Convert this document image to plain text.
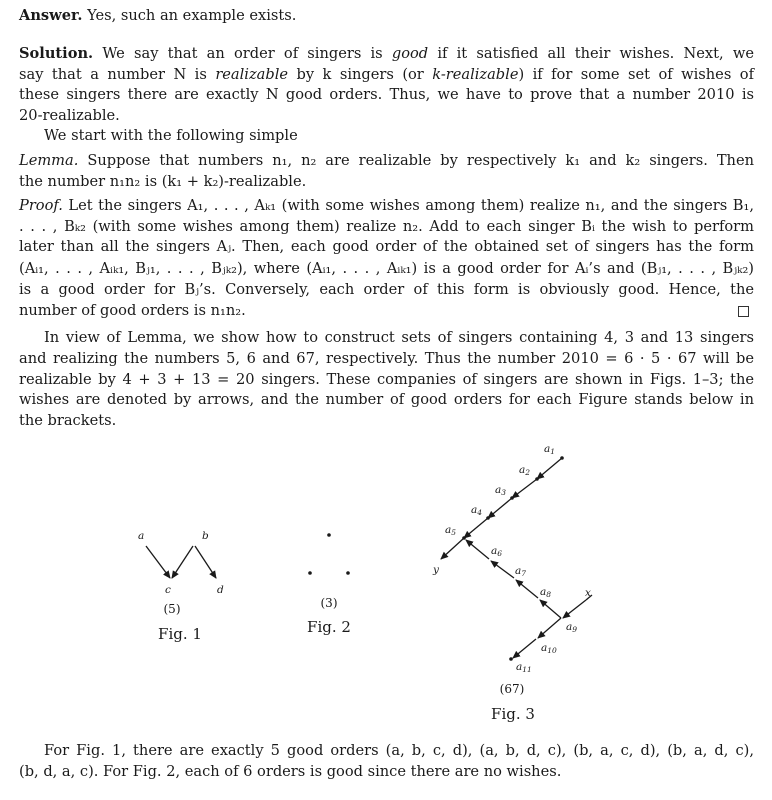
Answer. Yes, such an example exists.
Solution. We say that an order of singers is good if it satisfied all their wishes. Next, we
say that a number N is realizable by k singers (or k-realizable) if for some set of wishes of
these singers there are exactly N good orders. Thus, we have to prove that a number 2010 is
20-realizable.
We start with the following simple
Lemma. Suppose that numbers n₁, n₂ are realizable by respectively k₁ and k₂ singers. Then
the number n₁n₂ is (k₁ + k₂)-realizable.
Proof. Let the singers A₁, . . . , Aₖ₁ (with some wishes among them) realize n₁, and the singers B₁,
. . . , Bₖ₂ (with some wishes among them) realize n₂. Add to each singer Bᵢ the wish to perform
later than all the singers Aⱼ. Then, each good order of the obtained set of singers has the form
(Aᵢ₁, . . . , Aᵢₖ₁, Bⱼ₁, . . . , Bⱼₖ₂), where (Aᵢ₁, . . . , Aᵢₖ₁) is a good order for Aᵢ’s and (Bⱼ₁, . . . , Bⱼₖ₂)
is a good order for Bⱼ’s. Conversely, each order of this form is obviously good. Hence, the
number of good orders is n₁n₂.
In view of Lemma, we show how to construct sets of singers containing 4, 3 and 13 singers
and realizing the numbers 5, 6 and 67, respectively. Thus the number 2010 = 6 · 5 · 67 will be
realizable by 4 + 3 + 13 = 20 singers. These companies of singers are shown in Figs. 1–3; the
wishes are denoted by arrows, and the number of good orders for each Figure stands below in
the brackets.
a	b
c	d
(5)
Fig. 1
(3)
Fig. 2
a1
a2
a3
a4
a5
a6
a7
a8
a9
a10
a11
x
y
(67)
Fig. 3
For Fig. 1, there are exactly 5 good orders (a, b, c, d), (a, b, d, c), (b, a, c, d), (b, a, d, c),
(b, d, a, c). For Fig. 2, each of 6 orders is good since there are no wishes.
